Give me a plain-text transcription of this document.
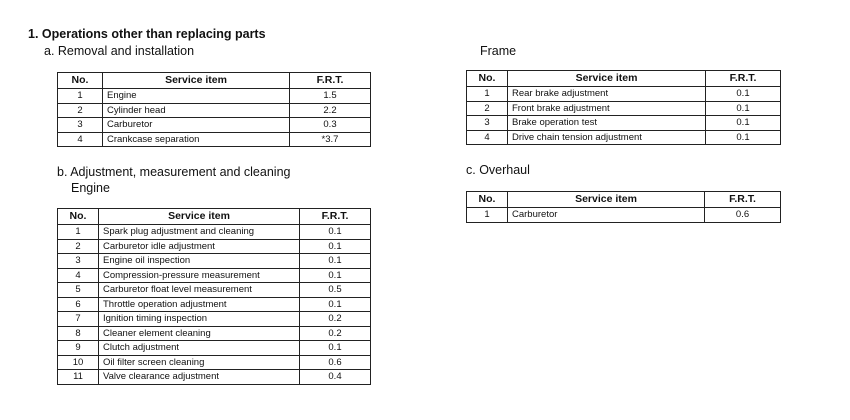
1. Operations other than replacing parts
a. Removal and installation
No.	Service item	F.R.T.
1	Engine	1.5
2	Cylinder head	2.2
3	Carburetor	0.3
4	Crankcase separation	*3.7
b. Adjustment, measurement and cleaning
Engine
No.	Service item	F.R.T.
1	Spark plug adjustment and cleaning	0.1
2	Carburetor idle adjustment	0.1
3	Engine oil inspection	0.1
4	Compression-pressure measurement	0.1
5	Carburetor float level measurement	0.5
6	Throttle operation adjustment	0.1
7	Ignition timing inspection	0.2
8	Cleaner element cleaning	0.2
9	Clutch adjustment	0.1
10	Oil filter screen cleaning	0.6
11	Valve clearance adjustment	0.4
Frame
No.	Service item	F.R.T.
1	Rear brake adjustment	0.1
2	Front brake adjustment	0.1
3	Brake operation test	0.1
4	Drive chain tension adjustment	0.1
c. Overhaul
No.	Service item	F.R.T.
1	Carburetor	0.6
